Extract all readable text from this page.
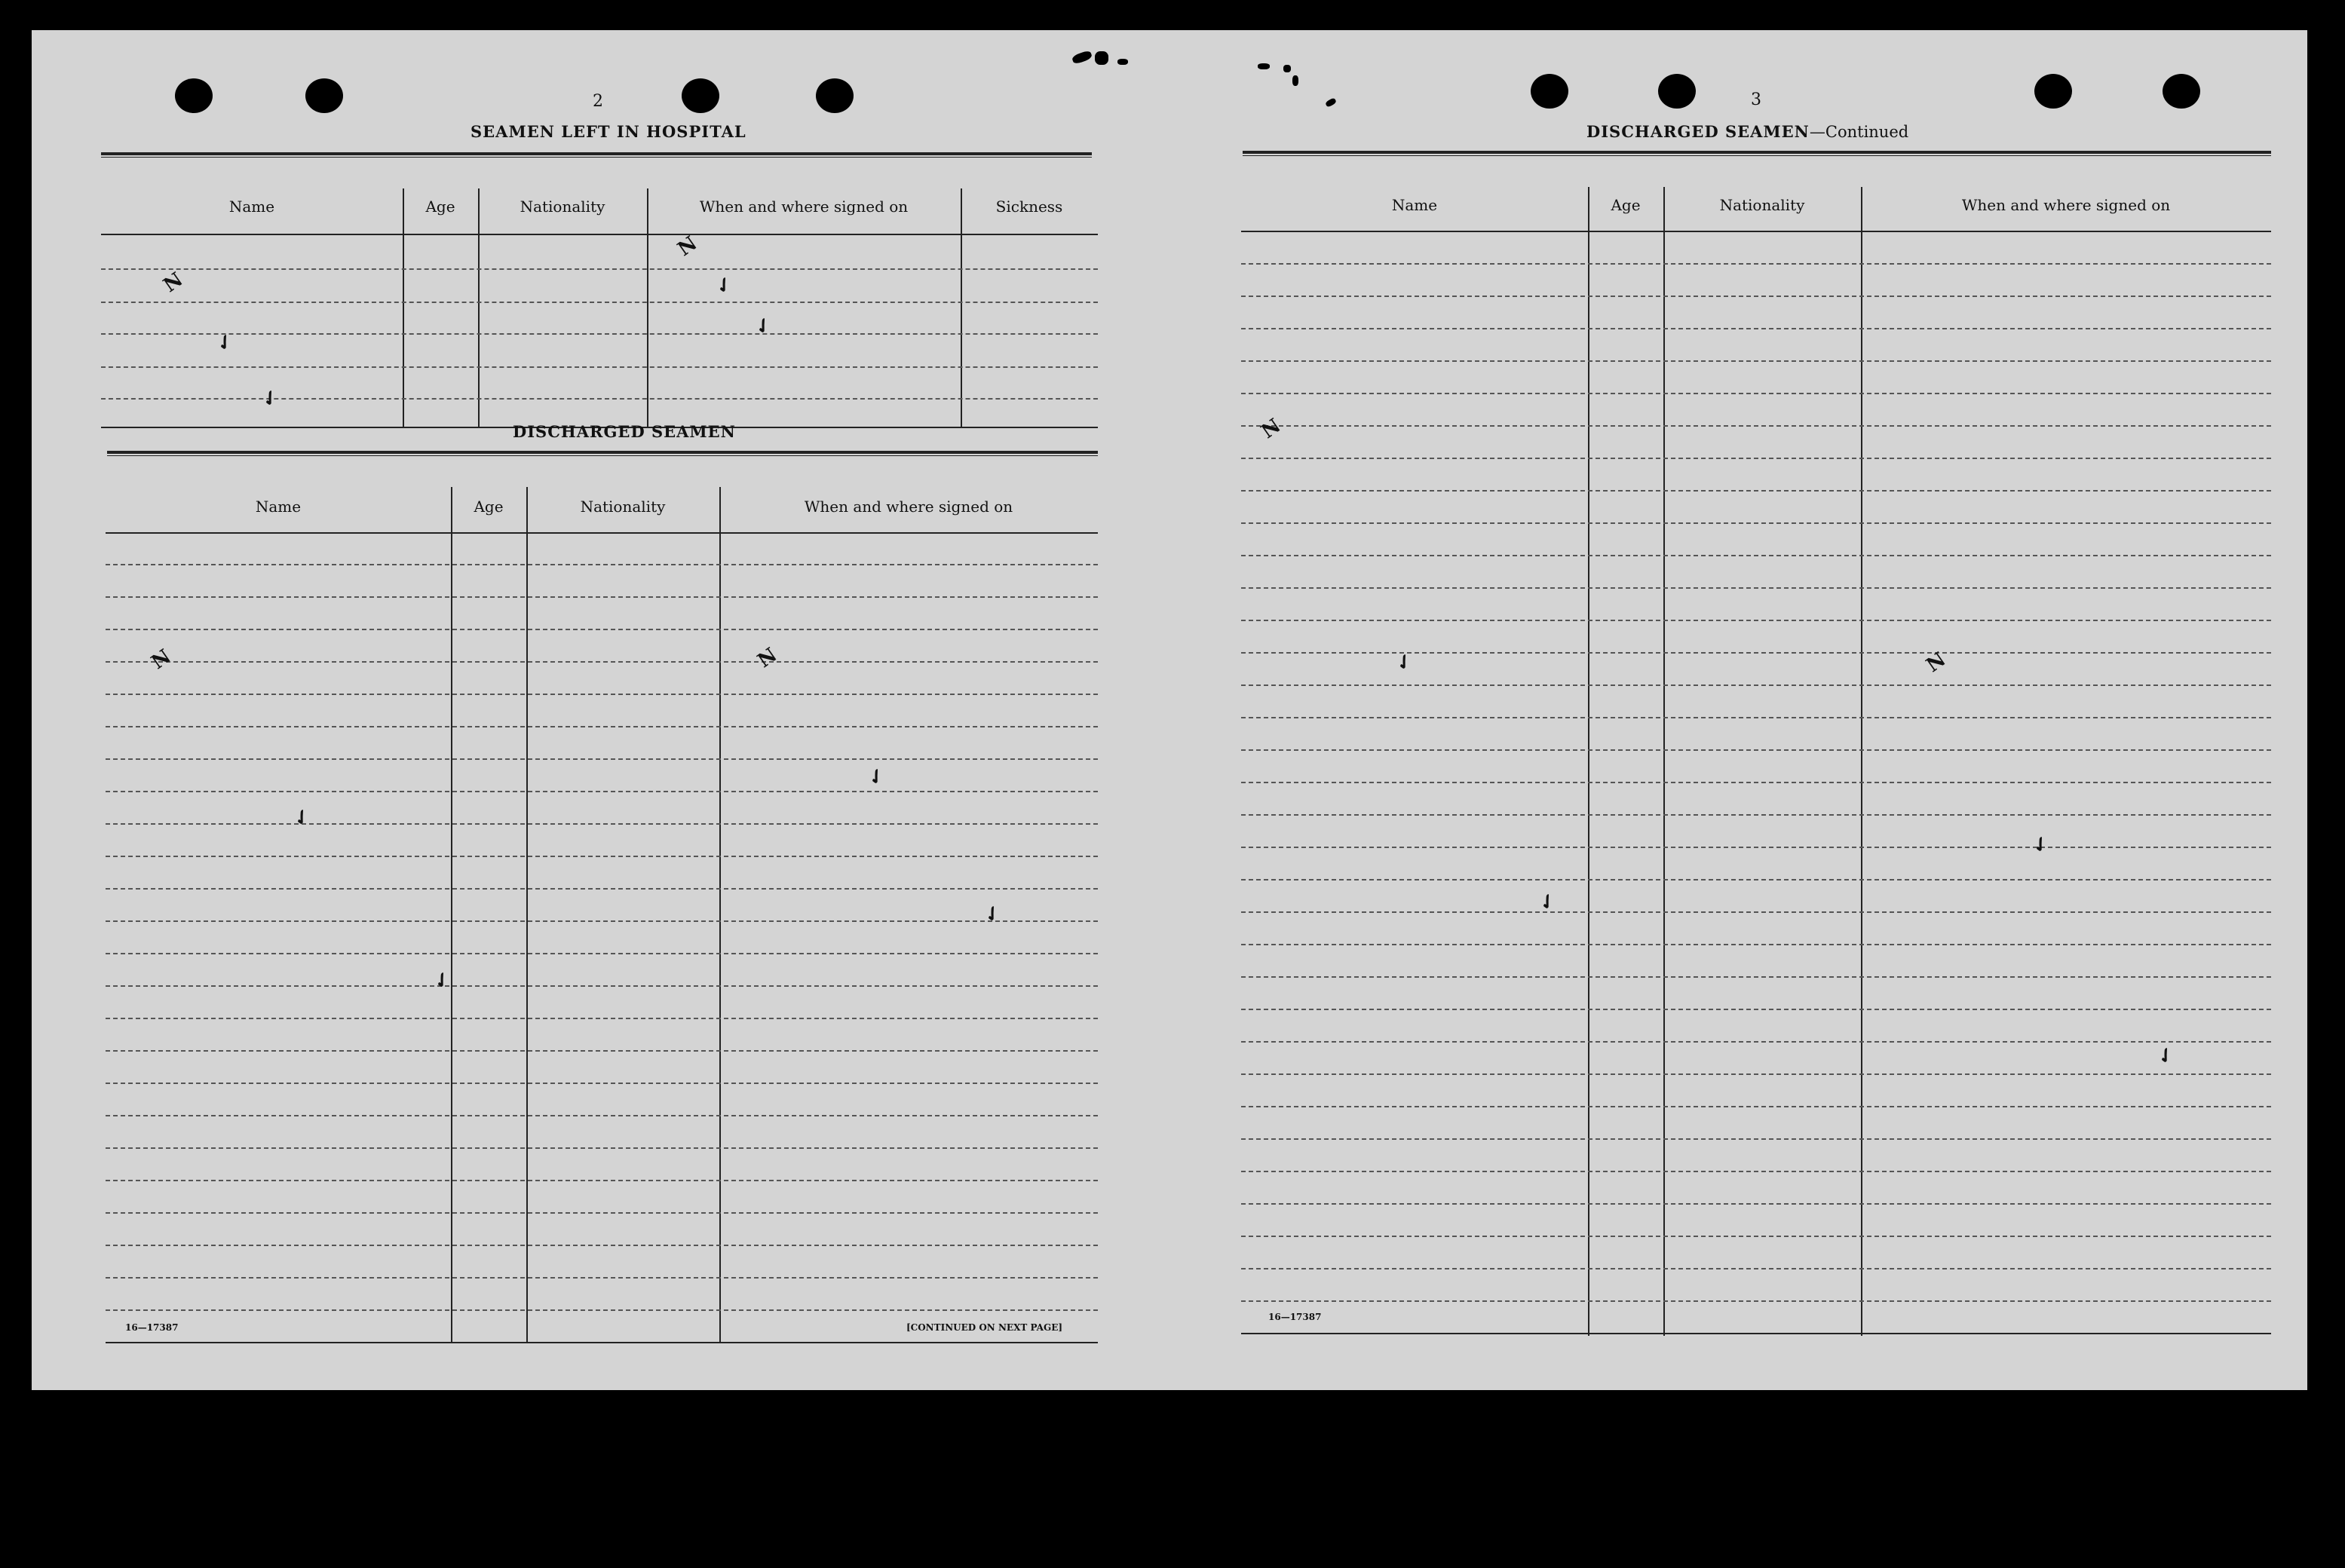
2
SEAMEN LEFT IN HOSPITAL
Name	Age	Nationality	When and where signed on	Sickness
DISCHARGED SEAMEN
Name	Age	Nationality	When and where signed on
16—17387	[CONTINUED ON NEXT PAGE]
N
✓
✓
N
✓
✓
N	N
✓
✓
✓
✓
3
DISCHARGED SEAMEN—Continued
Name	Age	Nationality	When and where signed on
16—17387
N
✓	N
✓
✓
✓
